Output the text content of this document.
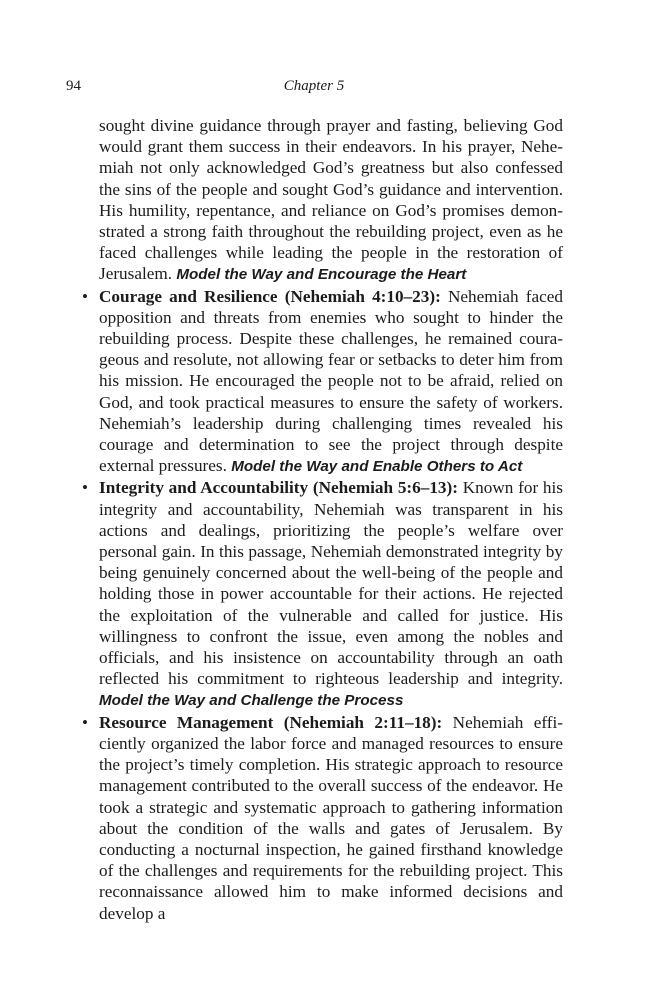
94	Chapter 5

sought divine guidance through prayer and fasting, believing God would grant them success in their endeavors. In his prayer, Nehemiah not only acknowledged God’s greatness but also confessed the sins of the people and sought God’s guidance and intervention. His humility, repentance, and reliance on God’s promises demonstrated a strong faith throughout the rebuilding project, even as he faced challenges while leading the people in the restoration of Jerusalem. Model the Way and Encourage the Heart

• Courage and Resilience (Nehemiah 4:10–23): Nehemiah faced opposition and threats from enemies who sought to hinder the rebuilding process. Despite these challenges, he remained courageous and resolute, not allowing fear or setbacks to deter him from his mission. He encouraged the people not to be afraid, relied on God, and took practical measures to ensure the safety of workers. Nehemiah’s leadership during challenging times revealed his courage and determination to see the project through despite external pressures. Model the Way and Enable Others to Act
• Integrity and Accountability (Nehemiah 5:6–13): Known for his integrity and accountability, Nehemiah was transparent in his actions and dealings, prioritizing the people’s welfare over personal gain. In this passage, Nehemiah demonstrated integrity by being genuinely concerned about the well-being of the people and holding those in power accountable for their actions. He rejected the exploitation of the vulnerable and called for justice. His willingness to confront the issue, even among the nobles and officials, and his insistence on accountability through an oath reflected his commitment to righteous leadership and integrity. Model the Way and Challenge the Process
• Resource Management (Nehemiah 2:11–18): Nehemiah efficiently organized the labor force and managed resources to ensure the project’s timely completion. His strategic approach to resource management contributed to the overall success of the endeavor. He took a strategic and systematic approach to gathering information about the condition of the walls and gates of Jerusalem. By conducting a nocturnal inspection, he gained firsthand knowledge of the challenges and requirements for the rebuilding project. This reconnaissance allowed him to make informed decisions and develop a
